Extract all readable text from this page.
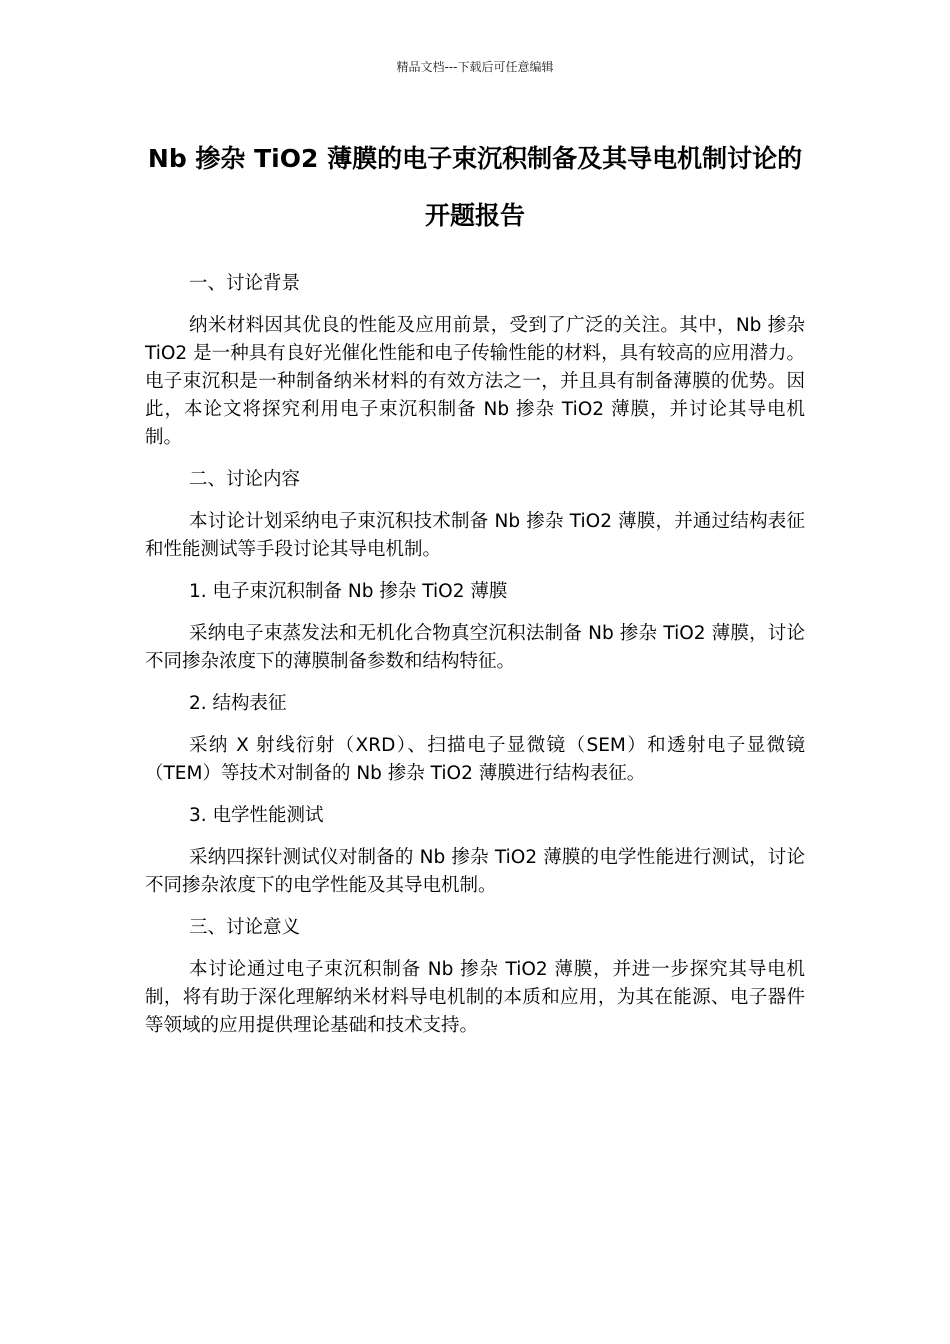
精品文档---下载后可任意编辑
Nb 掺杂 TiO2 薄膜的电子束沉积制备及其导电机制讨论的开题报告

一、讨论背景

纳米材料因其优良的性能及应用前景，受到了广泛的关注。其中，Nb 掺杂 TiO2 是一种具有良好光催化性能和电子传输性能的材料，具有较高的应用潜力。电子束沉积是一种制备纳米材料的有效方法之一，并且具有制备薄膜的优势。因此，本论文将探究利用电子束沉积制备 Nb 掺杂 TiO2 薄膜，并讨论其导电机制。

二、讨论内容

本讨论计划采纳电子束沉积技术制备 Nb 掺杂 TiO2 薄膜，并通过结构表征和性能测试等手段讨论其导电机制。

1. 电子束沉积制备 Nb 掺杂 TiO2 薄膜

采纳电子束蒸发法和无机化合物真空沉积法制备 Nb 掺杂 TiO2 薄膜，讨论不同掺杂浓度下的薄膜制备参数和结构特征。

2. 结构表征

采纳 X 射线衍射（XRD）、扫描电子显微镜（SEM）和透射电子显微镜（TEM）等技术对制备的 Nb 掺杂 TiO2 薄膜进行结构表征。

3. 电学性能测试

采纳四探针测试仪对制备的 Nb 掺杂 TiO2 薄膜的电学性能进行测试，讨论不同掺杂浓度下的电学性能及其导电机制。

三、讨论意义

本讨论通过电子束沉积制备 Nb 掺杂 TiO2 薄膜，并进一步探究其导电机制，将有助于深化理解纳米材料导电机制的本质和应用，为其在能源、电子器件等领域的应用提供理论基础和技术支持。
